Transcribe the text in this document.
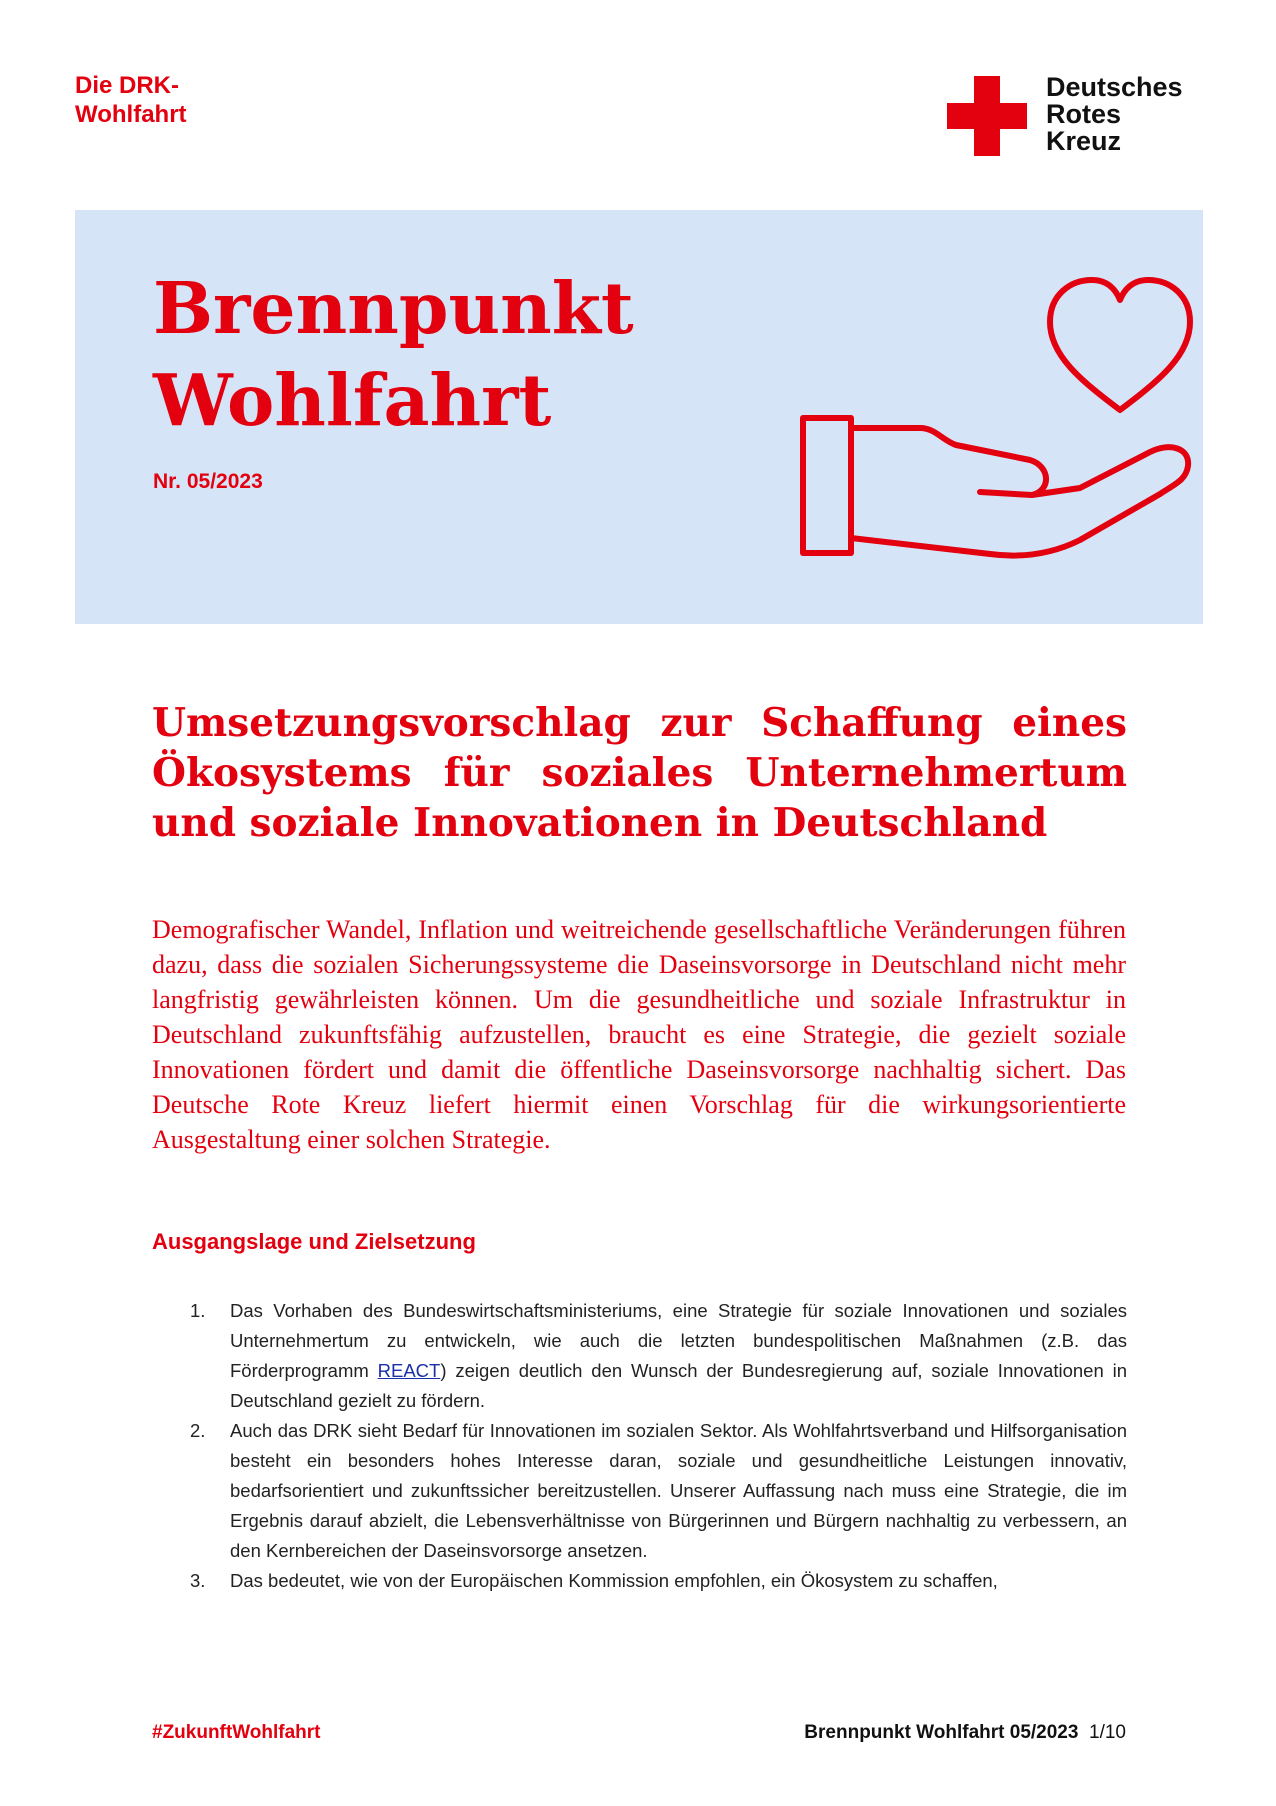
Die DRK-
Wohlfahrt
Deutsches
Rotes
Kreuz
Brennpunkt
Wohlfahrt
Nr. 05/2023
Umsetzungsvorschlag zur Schaffung eines Ökosystems für soziales Unternehmertum und soziale Innovationen in Deutschland
Demografischer Wandel, Inflation und weitreichende gesellschaftliche Veränderungen führen dazu, dass die sozialen Sicherungssysteme die Daseinsvorsorge in Deutschland nicht mehr langfristig gewährleisten können. Um die gesundheitliche und soziale Infrastruktur in Deutschland zukunftsfähig aufzustellen, braucht es eine Strategie, die gezielt soziale Innovationen fördert und damit die öffentliche Daseinsvorsorge nachhaltig sichert. Das Deutsche Rote Kreuz liefert hiermit einen Vorschlag für die wirkungsorientierte Ausgestaltung einer solchen Strategie.
Ausgangslage und Zielsetzung
1. Das Vorhaben des Bundeswirtschaftsministeriums, eine Strategie für soziale Innovationen und soziales Unternehmertum zu entwickeln, wie auch die letzten bundespolitischen Maßnahmen (z.B. das Förderprogramm REACT) zeigen deutlich den Wunsch der Bundesregierung auf, soziale Innovationen in Deutschland gezielt zu fördern.
2. Auch das DRK sieht Bedarf für Innovationen im sozialen Sektor. Als Wohlfahrtsverband und Hilfsorganisation besteht ein besonders hohes Interesse daran, soziale und gesundheitliche Leistungen innovativ, bedarfsorientiert und zukunftssicher bereitzustellen. Unserer Auffassung nach muss eine Strategie, die im Ergebnis darauf abzielt, die Lebensverhältnisse von Bürgerinnen und Bürgern nachhaltig zu verbessern, an den Kernbereichen der Daseinsvorsorge ansetzen.
3. Das bedeutet, wie von der Europäischen Kommission empfohlen, ein Ökosystem zu schaffen,
#ZukunftWohlfahrt	Brennpunkt Wohlfahrt 05/2023 1/10
